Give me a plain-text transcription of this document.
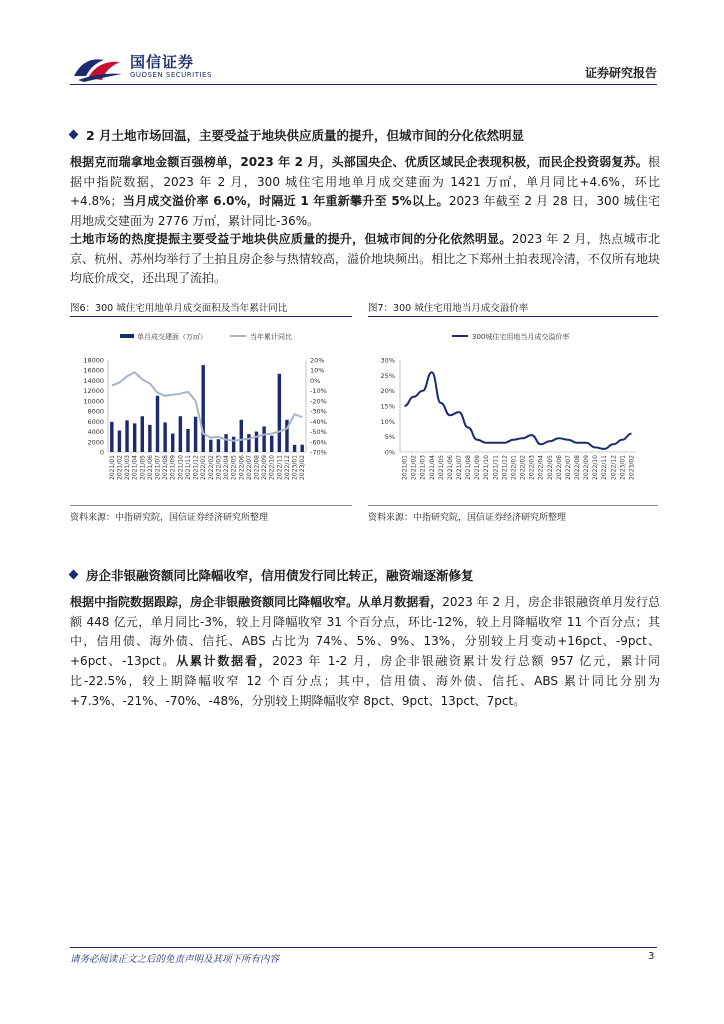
国信证券
GUOSEN SECURITIES	证券研究报告
2 月土地市场回温，主要受益于地块供应质量的提升，但城市间的分化依然明显
根据克而瑞拿地金额百强榜单，2023 年 2 月，头部国央企、优质区域民企表现积极，而民企投资弱复苏。根据中指院数据，2023 年 2 月，300 城住宅用地单月成交建面为 1421 万㎡，单月同比+4.6%，环比+4.8%；当月成交溢价率 6.0%，时隔近 1 年重新攀升至 5%以上。2023 年截至 2 月 28 日，300 城住宅用地成交建面为 2776 万㎡，累计同比-36%。
土地市场的热度提振主要受益于地块供应质量的提升，但城市间的分化依然明显。2023 年 2 月，热点城市北京、杭州、苏州均举行了土拍且房企参与热情较高，溢价地块频出。相比之下郑州土拍表现冷清，不仅所有地块均底价成交，还出现了流拍。
图6：300 城住宅用地单月成交面积及当年累计同比
单月成交建面（万㎡）	当年累计同比
18000
16000
14000
12000
10000
8000
6000
4000
2000
0
20%
10%
0%
-10%
-20%
-30%
-40%
-50%
-60%
-70%
2021/01 2021/02 2021/03 2021/04 2021/05 2021/06 2021/07 2021/08 2021/09 2021/10 2021/11 2021/12 2022/01 2022/02 2022/03 2022/04 2022/05 2022/06 2022/07 2022/08 2022/09 2022/10 2022/11 2022/12 2023/01 2023/02
资料来源：中指研究院，国信证券经济研究所整理
图7：300 城住宅用地当月成交溢价率
300城住宅用地当月成交溢价率
30%
25%
20%
15%
10%
5%
0%
2021/01 2021/02 2021/03 2021/04 2021/05 2021/06 2021/07 2021/08 2021/09 2021/10 2021/11 2021/12 2022/01 2022/02 2022/03 2022/04 2022/05 2022/06 2022/07 2022/08 2022/09 2022/10 2022/11 2022/12 2023/01 2023/02
资料来源：中指研究院，国信证券经济研究所整理
房企非银融资额同比降幅收窄，信用债发行同比转正，融资端逐渐修复
根据中指院数据跟踪，房企非银融资额同比降幅收窄。从单月数据看，2023 年 2 月，房企非银融资单月发行总额 448 亿元，单月同比-3%，较上月降幅收窄 31 个百分点，环比-12%，较上月降幅收窄 11 个百分点；其中，信用债、海外债、信托、ABS 占比为 74%、5%、9%、13%，分别较上月变动+16pct、-9pct、+6pct、-13pct。从累计数据看，2023 年 1-2 月，房企非银融资累计发行总额 957 亿元，累计同比-22.5%，较上期降幅收窄 12 个百分点；其中，信用债、海外债、信托、ABS 累计同比分别为+7.3%、-21%、-70%、-48%，分别较上期降幅收窄 8pct、9pct、13pct、7pct。
请务必阅读正文之后的免责声明及其项下所有内容	3
